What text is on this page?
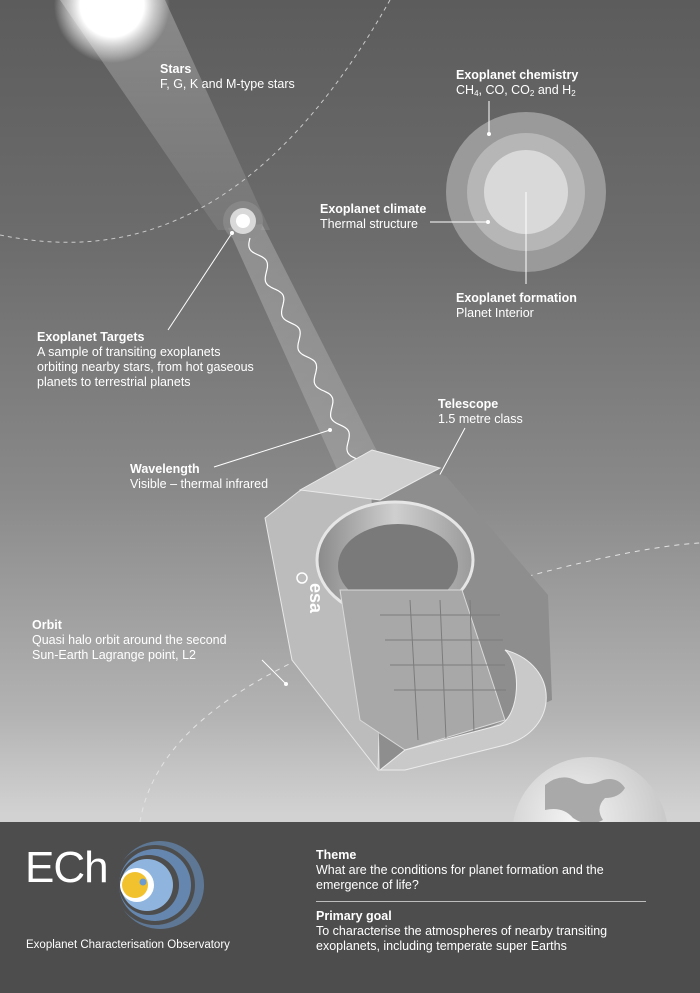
esa
Stars
F, G, K and M-type stars
Exoplanet chemistry
$CH_4$, CO, $CO_2$ and $H_2$
Exoplanet climate
Thermal structure
Exoplanet formation
Planet Interior
Exoplanet Targets
A sample of transiting exoplanets
orbiting nearby stars, from hot gaseous
planets to terrestrial planets
Telescope
1.5 metre class
Wavelength
Visible – thermal infrared
Orbit
Quasi halo orbit around the second
Sun-Earth Lagrange point, L2
ECh
Exoplanet Characterisation Observatory
Theme
What are the conditions for planet formation and the
emergence of life?
Primary goal
To characterise the atmospheres of nearby transiting
exoplanets, including temperate super Earths
